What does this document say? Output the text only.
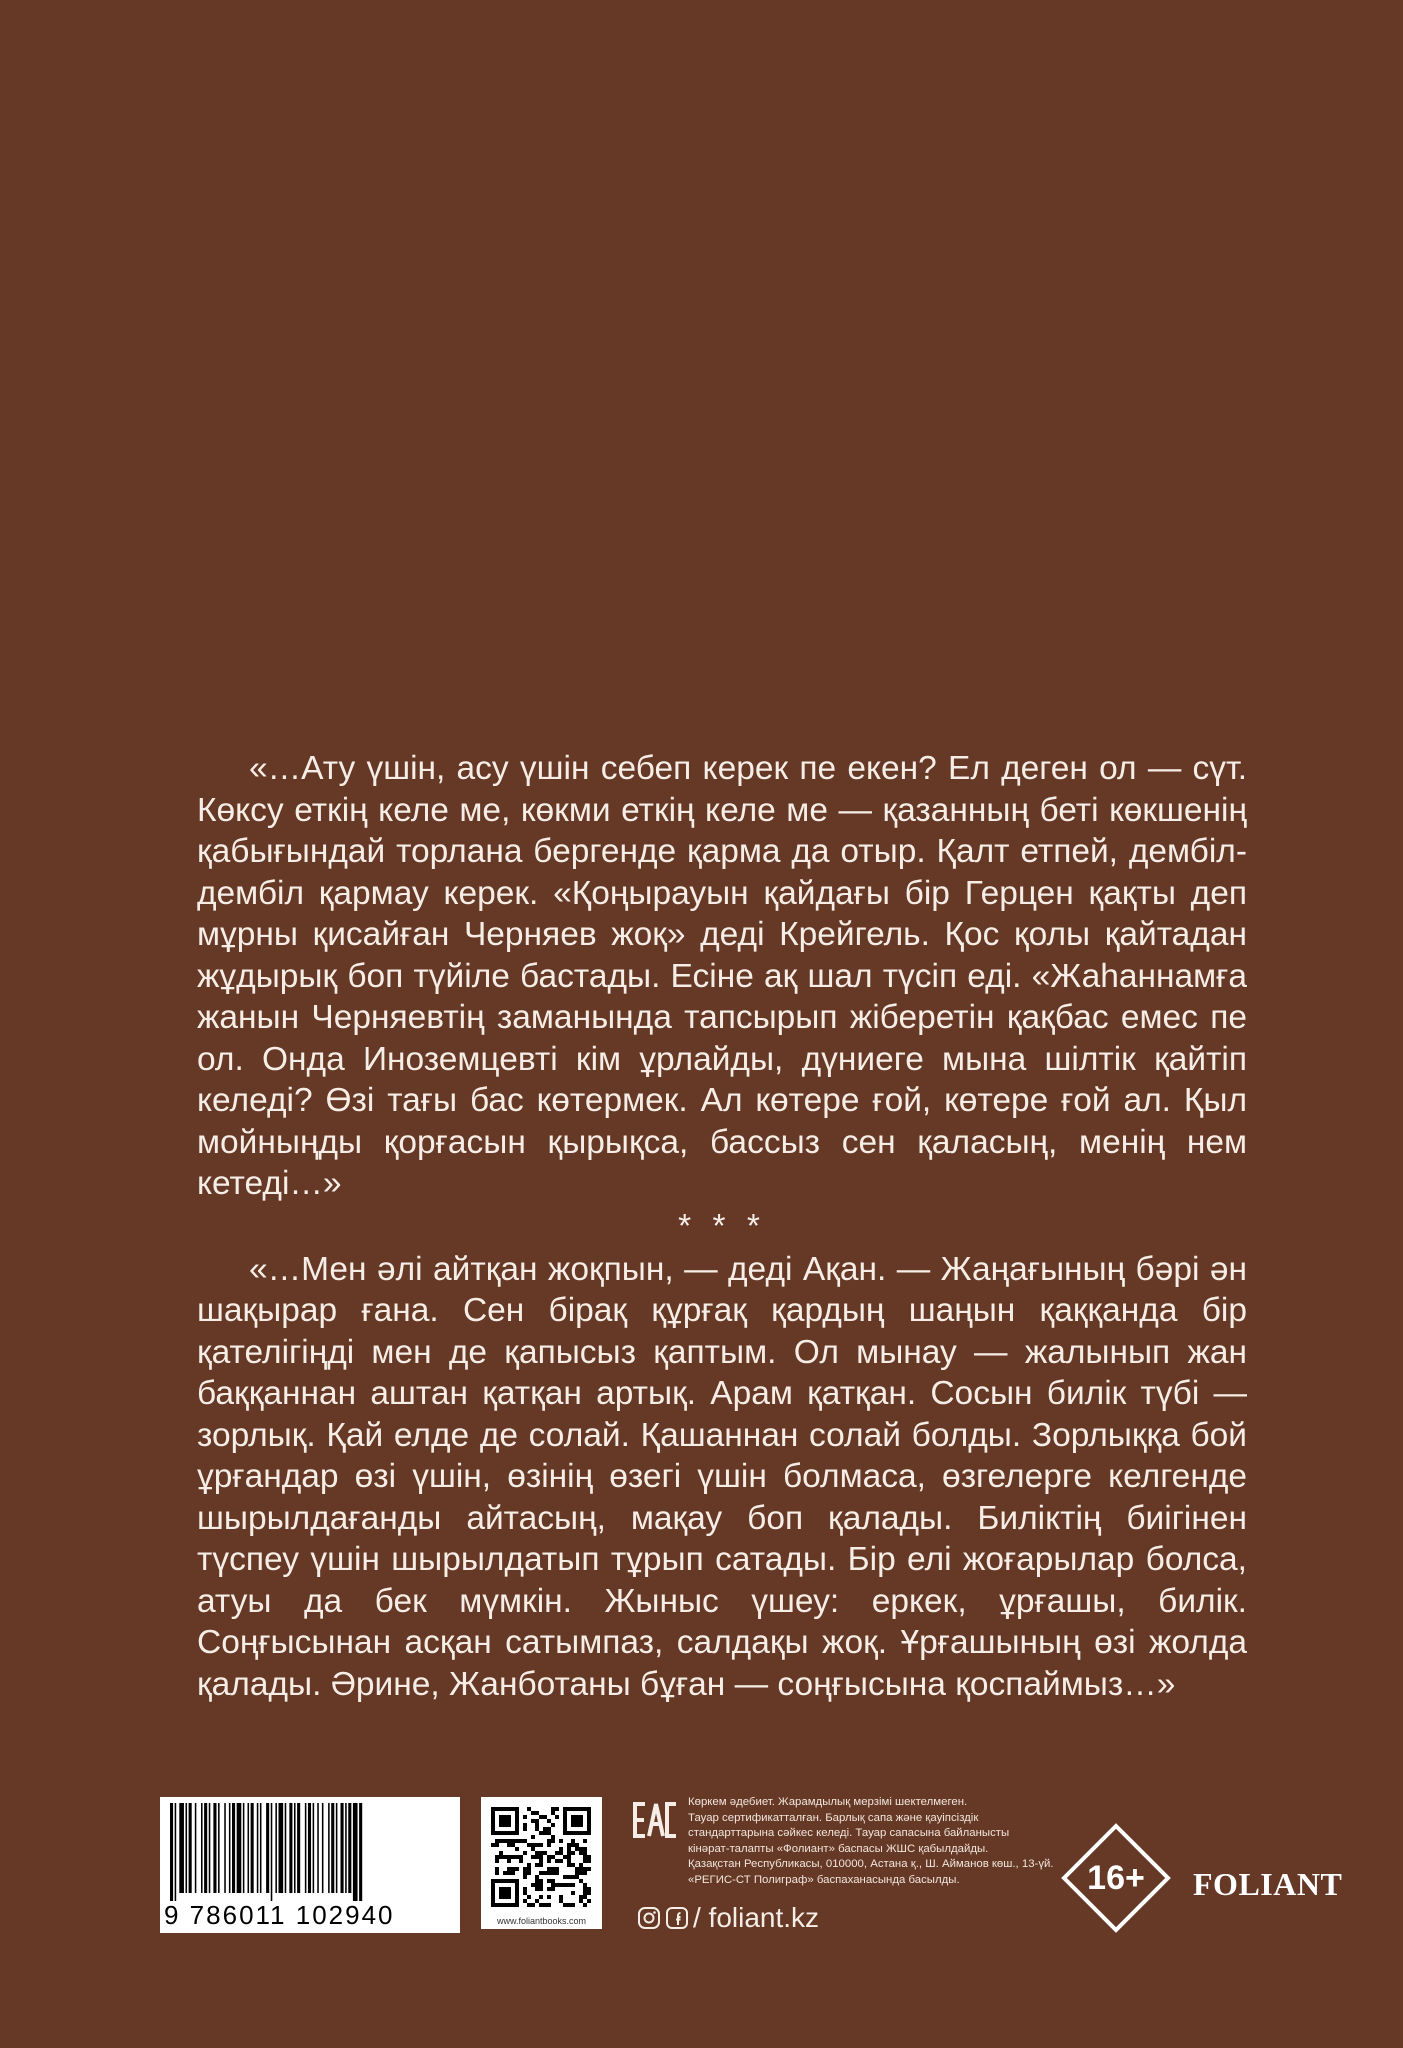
«…Ату үшін, асу үшін себеп керек пе екен? Ел деген ол — сүт. Көксу еткің келе ме, көкми еткің келе ме — қазанның беті көкшенің қабығындай торлана бергенде қарма да отыр. Қалт етпей, дембіл-дембіл қармау керек. «Қоңырауын қайдағы бір Герцен қақты деп мұрны қисайған Черняев жоқ» деді Крейгель. Қос қолы қайтадан жұдырық боп түйіле бастады. Есіне ақ шал түсіп еді. «Жаһаннамға жанын Черняевтің заманында тапсырып жіберетін қақбас емес пе ол. Онда Иноземцевті кім ұрлайды, дүниеге мына шілтік қайтіп келеді? Өзі тағы бас көтермек. Ал көтере ғой, көтере ғой ал. Қыл мойныңды қорғасын қырықса, бассыз сен қаласың, менің нем кетеді…»

* * *

«…Мен әлі айтқан жоқпын, — деді Ақан. — Жаңағының бәрі ән шақырар ғана. Сен бірақ құрғақ қардың шаңын қаққанда бір қателігіңді мен де қапысыз қаптым. Ол мынау — жалынып жан баққаннан аштан қатқан артық. Арам қатқан. Сосын билік түбі — зорлық. Қай елде де солай. Қашаннан солай болды. Зорлыққа бой ұрғандар өзі үшін, өзінің өзегі үшін болмаса, өзгелерге келгенде шырылдағанды айтасың, мақау боп қалады. Биліктің биігінен түспеу үшін шырылдатып тұрып сатады. Бір елі жоғарылар болса, атуы да бек мүмкін. Жыныс үшеу: еркек, ұрғашы, билік. Соңғысынан асқан сатымпаз, салдақы жоқ. Ұрғашының өзі жолда қалады. Әрине, Жанботаны бұған — соңғысына қоспаймыз…»

9 786011 102940	www.foliantbooks.com
Көркем әдебиет. Жарамдылық мерзімі шектелмеген.
Тауар сертификатталған. Барлық сапа және қауіпсіздік
стандарттарына сәйкес келеді. Тауар сапасына байланысты
кінәрат-талапты «Фолиант» баспасы ЖШС қабылдайды.
Қазақстан Республикасы, 010000, Астана қ., Ш. Айманов көш., 13-үй.
«РЕГИС-СТ Полиграф» баспаханасында басылды.
/ foliant.kz
16+	FOLIANT
